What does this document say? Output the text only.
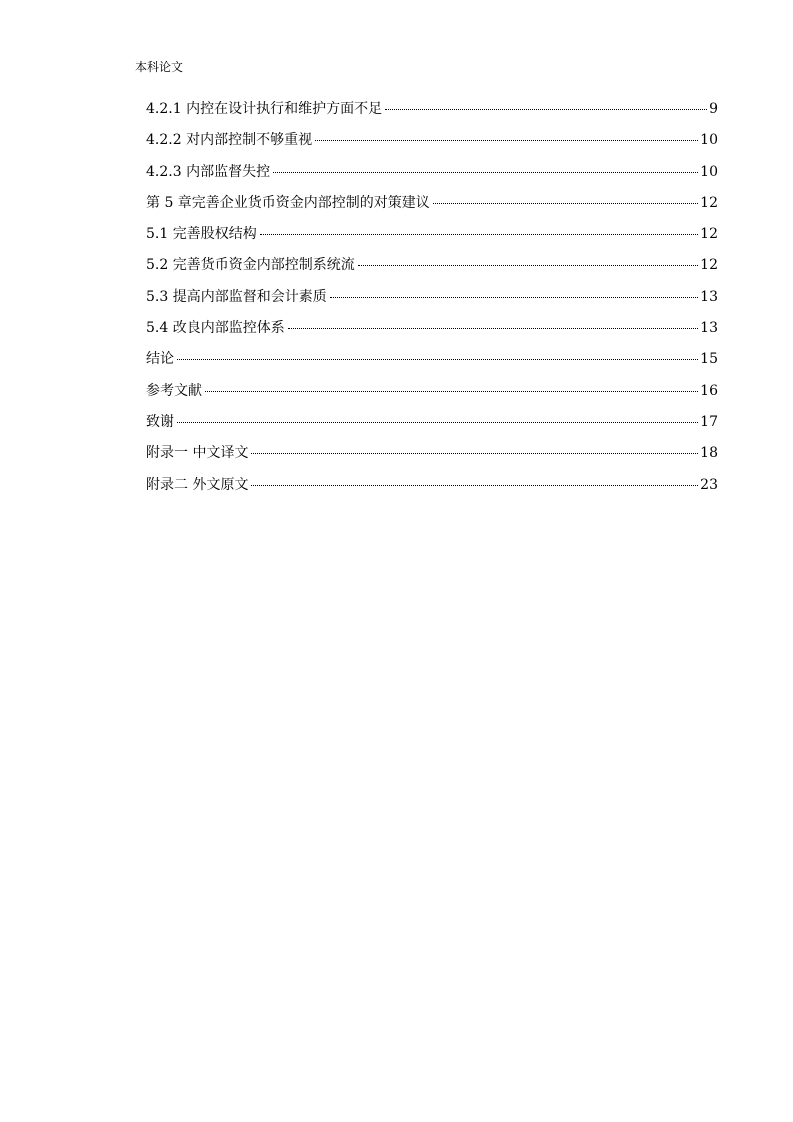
本科论文
4.2.1 内控在设计执行和维护方面不足	9
4.2.2 对内部控制不够重视	10
4.2.3 内部监督失控	10
第 5 章完善企业货币资金内部控制的对策建议	12
5.1 完善股权结构	12
5.2 完善货币资金内部控制系统流	12
5.3 提高内部监督和会计素质	13
5.4 改良内部监控体系	13
结论	15
参考文献	16
致谢	17
附录一 中文译文	18
附录二 外文原文	23
